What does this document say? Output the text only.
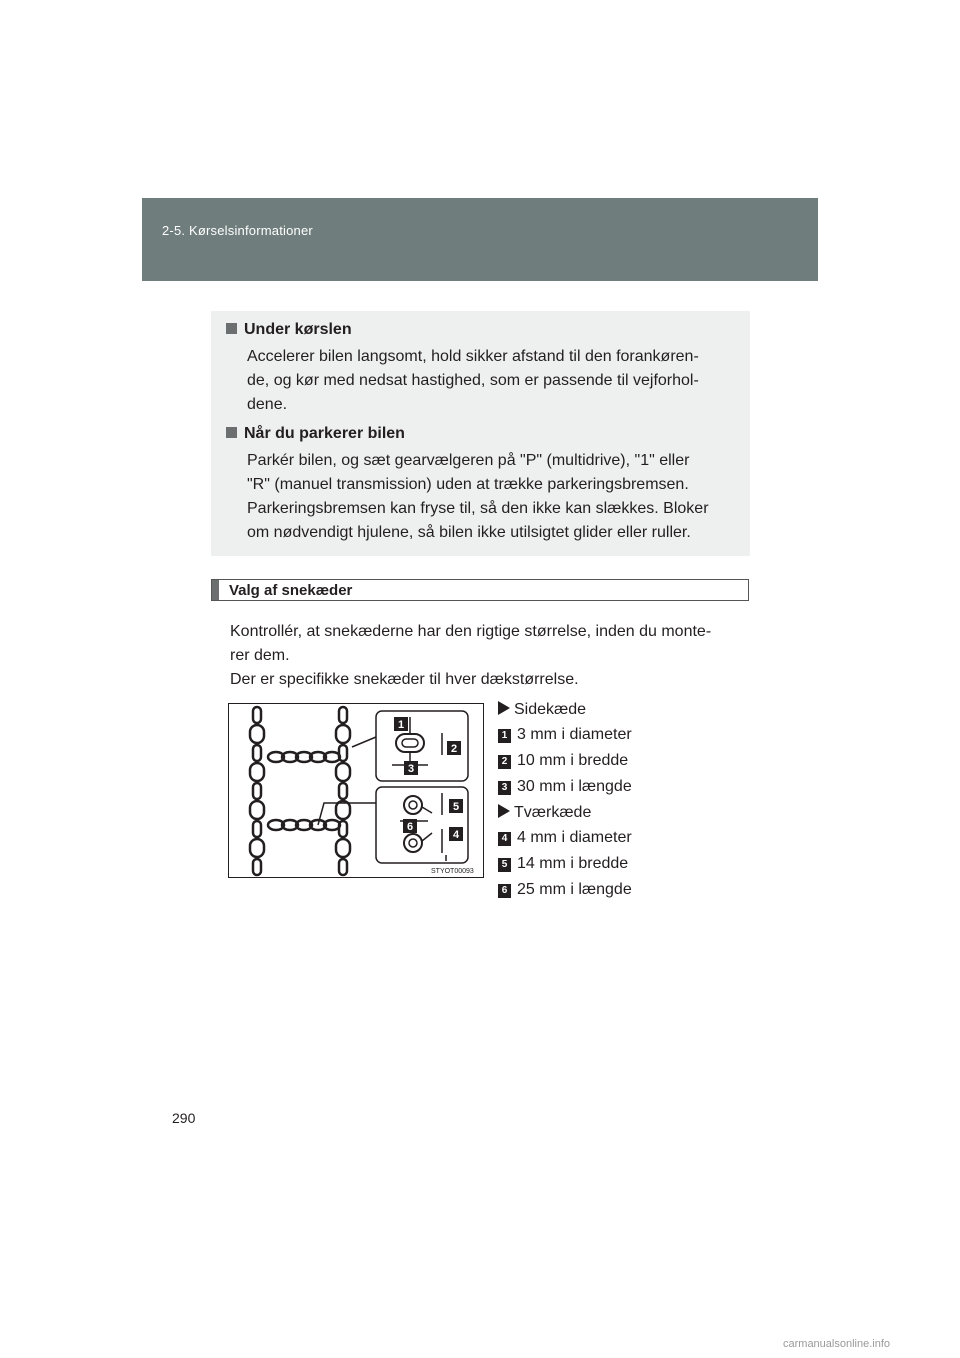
2-5. Kørselsinformationer
Under kørslen
Accelerer bilen langsomt, hold sikker afstand til den forankøren-
de, og kør med nedsat hastighed, som er passende til vejforhol-
dene.
Når du parkerer bilen
Parkér bilen, og sæt gearvælgeren på "P" (multidrive), "1" eller
"R" (manuel transmission) uden at trække parkeringsbremsen.
Parkeringsbremsen kan fryse til, så den ikke kan slækkes. Bloker
om nødvendigt hjulene, så bilen ikke utilsigtet glider eller ruller.
Valg af snekæder

Kontrollér, at snekæderne har den rigtige størrelse, inden du monte-

rer dem.

Der er specifikke snekæder til hver dækstørrelse.

1
2
3
5
6
4
STYOT00093
Sidekæde
1 3 mm i diameter
2 10 mm i bredde
3 30 mm i længde
Tværkæde
4 4 mm i diameter
5 14 mm i bredde
6 25 mm i længde
290
carmanualsonline.info
